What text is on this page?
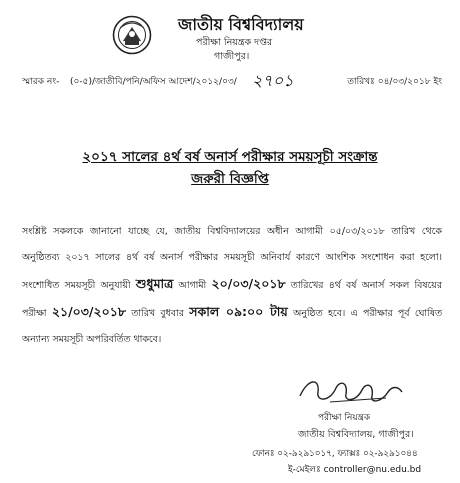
জাতীয় বিশ্ববিদ্যালয়
পরীক্ষা নিয়ন্ত্রক দপ্তর
গাজীপুর।
স্মারক নং- (০-৫)/জাতীবি/পনি/অফিস আদেশ/২০১২/০৩/ ২৭০১	তারিখঃ ০৪/০৩/২০১৮ ইং
২০১৭ সালের ৪র্থ বর্ষ অনার্স পরীক্ষার সময়সূচী সংক্রান্ত
জরুরী বিজ্ঞপ্তি
সংশ্লিষ্ট সকলকে জানানো যাচ্ছে যে, জাতীয় বিশ্ববিদ্যালয়ের অধীন আগামী ০৫/০৩/২০১৮ তারিখ থেকে অনুষ্ঠিতব্য ২০১৭ সালের ৪র্থ বর্ষ অনার্স পরীক্ষার সময়সূচী অনিবার্য কারণে আংশিক সংশোধন করা হলো। সংশোধিত সময়সূচী অনুযায়ী শুধুমাত্র আগামী ২০/০৩/২০১৮ তারিখের ৪র্থ বর্ষ অনার্স সকল বিষয়ের পরীক্ষা ২১/০৩/২০১৮ তারিখ বুধবার সকাল ০৯:০০ টায় অনুষ্ঠিত হবে। এ পরীক্ষার পূর্ব ঘোষিত অন্যান্য সময়সূচী অপরিবর্তিত থাকবে।
পরীক্ষা নিয়ন্ত্রক
জাতীয় বিশ্ববিদ্যালয়, গাজীপুর।
ফোনঃ ০২-৯২৯১০১৭, ফ্যাক্সঃ ০২-৯২৯১০৪৪
ই-মেইলঃ controller@nu.edu.bd
